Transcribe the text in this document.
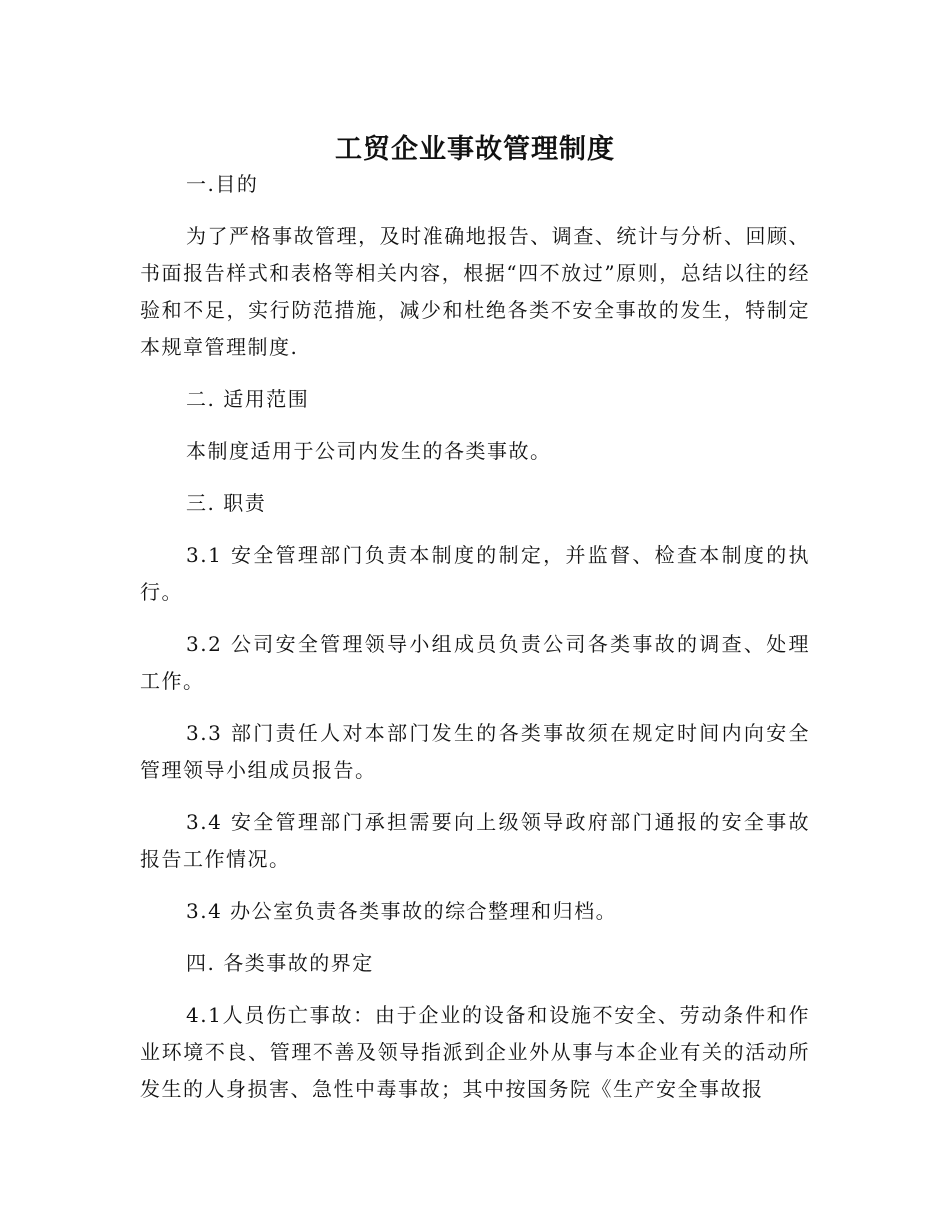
工贸企业事故管理制度

一.目的

为了严格事故管理，及时准确地报告、调查、统计与分析、回顾、书面报告样式和表格等相关内容，根据“四不放过”原则，总结以往的经验和不足，实行防范措施，减少和杜绝各类不安全事故的发生，特制定本规章管理制度.

二. 适用范围

本制度适用于公司内发生的各类事故。

三. 职责

3.1 安全管理部门负责本制度的制定，并监督、检查本制度的执行。

3.2 公司安全管理领导小组成员负责公司各类事故的调查、处理工作。

3.3 部门责任人对本部门发生的各类事故须在规定时间内向安全管理领导小组成员报告。

3.4 安全管理部门承担需要向上级领导政府部门通报的安全事故报告工作情况。

3.4 办公室负责各类事故的综合整理和归档。

四. 各类事故的界定

4.1人员伤亡事故：由于企业的设备和设施不安全、劳动条件和作业环境不良、管理不善及领导指派到企业外从事与本企业有关的活动所发生的人身损害、急性中毒事故；其中按国务院《生产安全事故报
